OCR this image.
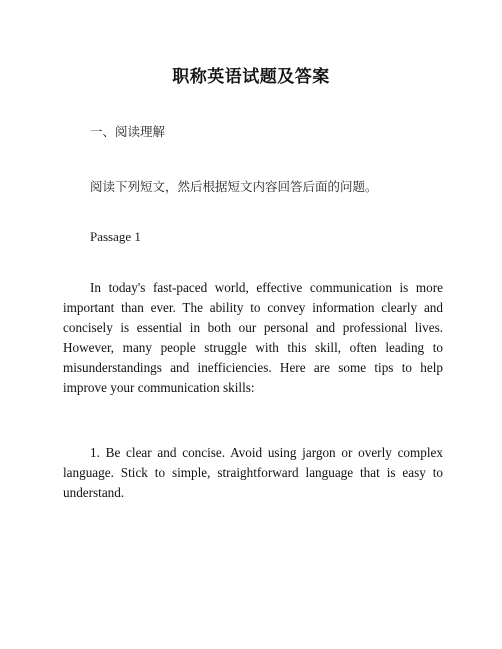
职称英语试题及答案
一、阅读理解
阅读下列短文，然后根据短文内容回答后面的问题。
Passage 1
In today's fast-paced world, effective communication is more important than ever. The ability to convey information clearly and concisely is essential in both our personal and professional lives. However, many people struggle with this skill, often leading to misunderstandings and inefficiencies. Here are some tips to help improve your communication skills:
1. Be clear and concise. Avoid using jargon or overly complex language. Stick to simple, straightforward language that is easy to understand.
